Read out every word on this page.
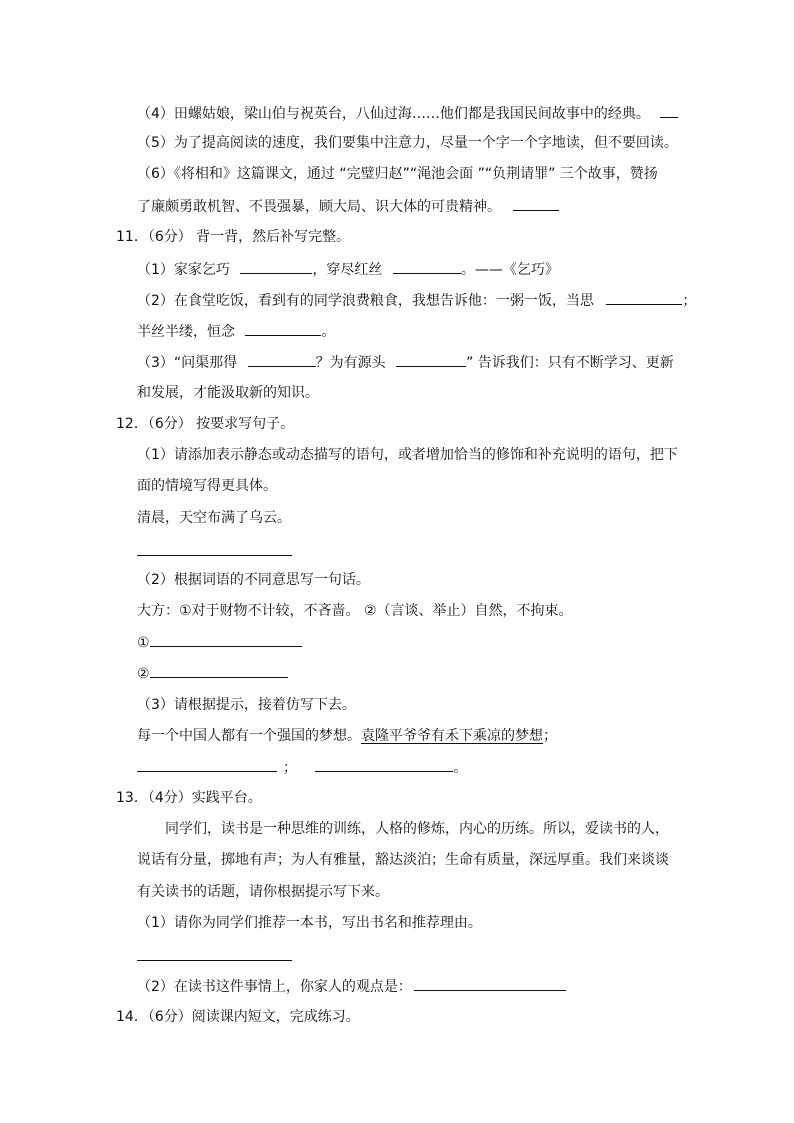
（4）田螺姑娘，梁山伯与祝英台，八仙过海……他们都是我国民间故事中的经典。
（5）为了提高阅读的速度，我们要集中注意力，尽量一个字一个字地读，但不要回读。
（6）《将相和》这篇课文，通过 “完璧归赵”“渑池会面 ”“负荆请罪” 三个故事，赞扬
了廉颇勇敢机智、不畏强暴，顾大局、识大体的可贵精神。
11．（6分） 背一背，然后补写完整。
（1）家家乞巧	，穿尽红丝	。——《乞巧》
（2）在食堂吃饭，看到有的同学浪费粮食，我想告诉他：一粥一饭，当思	；
半丝半缕，恒念	。
（3）“问渠那得	？为有源头	” 告诉我们：只有不断学习、更新
和发展，才能汲取新的知识。
12．（6分） 按要求写句子。
（1）请添加表示静态或动态描写的语句，或者增加恰当的修饰和补充说明的语句，把下
面的情境写得更具体。
清晨，天空布满了乌云。
（2）根据词语的不同意思写一句话。
大方：①对于财物不计较，不吝啬。 ②（言谈、举止）自然，不拘束。
①
②
（3）请根据提示，接着仿写下去。
每一个中国人都有一个强国的梦想。袁隆平爷爷有禾下乘凉的梦想；
；	。
13．（4分）实践平台。
同学们，读书是一种思维的训练，人格的修炼，内心的历练。所以，爱读书的人，
说话有分量，掷地有声；为人有雅量，豁达淡泊；生命有质量，深远厚重。我们来谈谈
有关读书的话题，请你根据提示写下来。
（1）请你为同学们推荐一本书，写出书名和推荐理由。
（2）在读书这件事情上，你家人的观点是：
14．（6分）阅读课内短文，完成练习。
